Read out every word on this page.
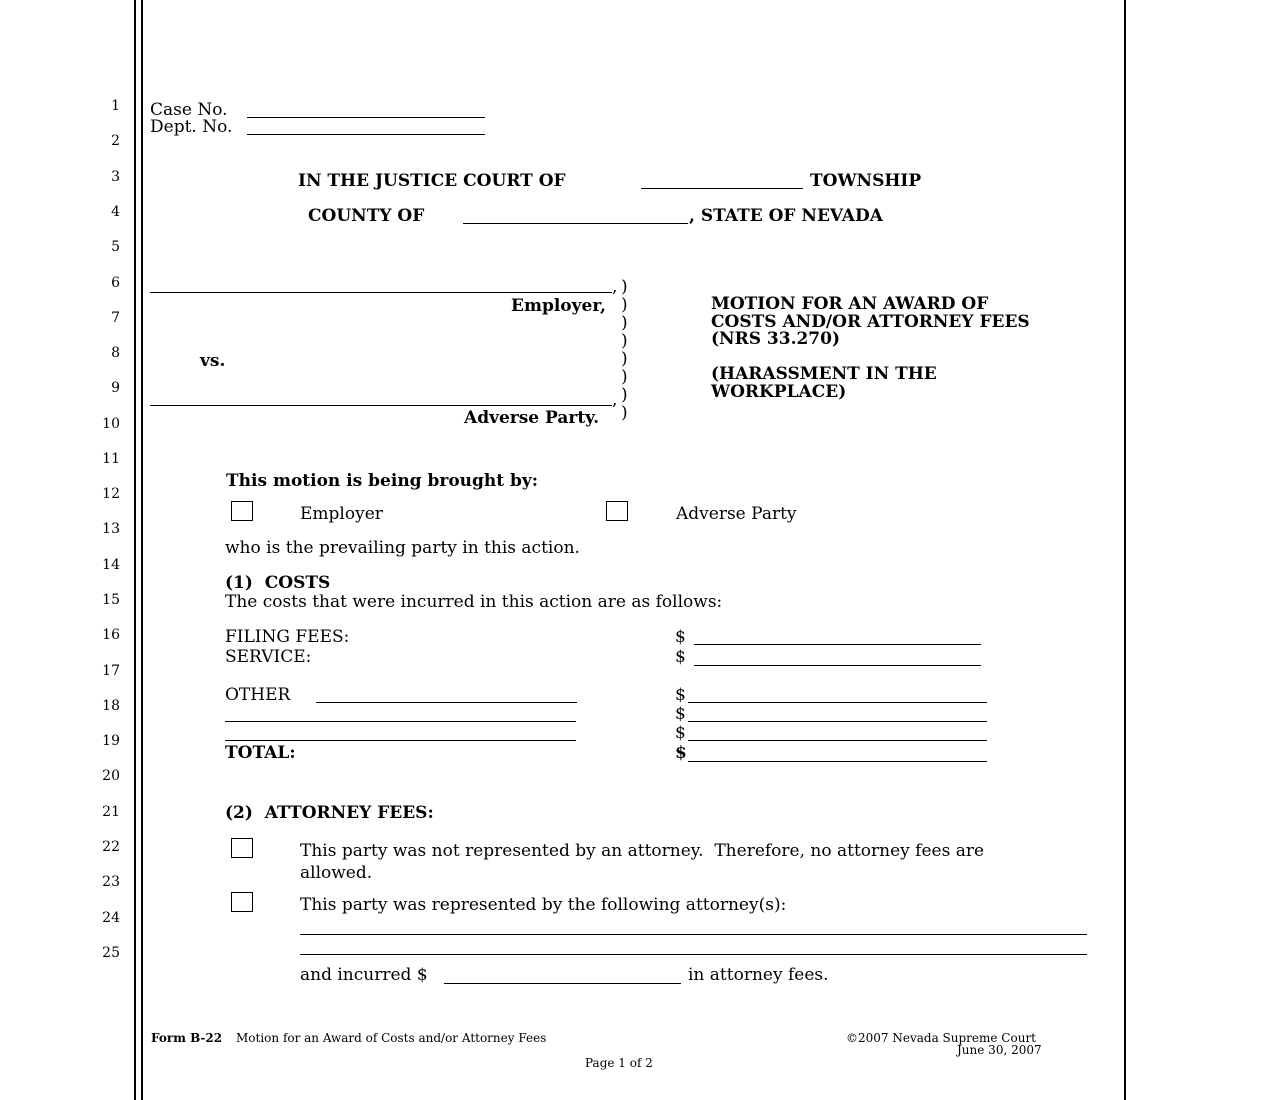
1
2
3
4
5
6
7
8
9
10
11
12
13
14
15
16
17
18
19
20
21
22
23
24
25
Case No.
Dept. No.
IN THE JUSTICE COURT OF	TOWNSHIP
COUNTY OF	, STATE OF NEVADA
,
Employer,
vs.
,
Adverse Party.
)
)
)
)
)
)
)
)
MOTION FOR AN AWARD OF
COSTS AND/OR ATTORNEY FEES
(NRS 33.270)
(HARASSMENT IN THE
WORKPLACE)
This motion is being brought by:
Employer	Adverse Party
who is the prevailing party in this action.
(1)  COSTS
The costs that were incurred in this action are as follows:
FILING FEES:	$
SERVICE:	$
OTHER	$
$
$
TOTAL:	$
(2)  ATTORNEY FEES:
This party was not represented by an attorney.  Therefore, no attorney fees are
allowed.
This party was represented by the following attorney(s):
and incurred $	in attorney fees.
Form B-22 Motion for an Award of Costs and/or Attorney Fees	©2007 Nevada Supreme Court
June 30, 2007
Page 1 of 2
